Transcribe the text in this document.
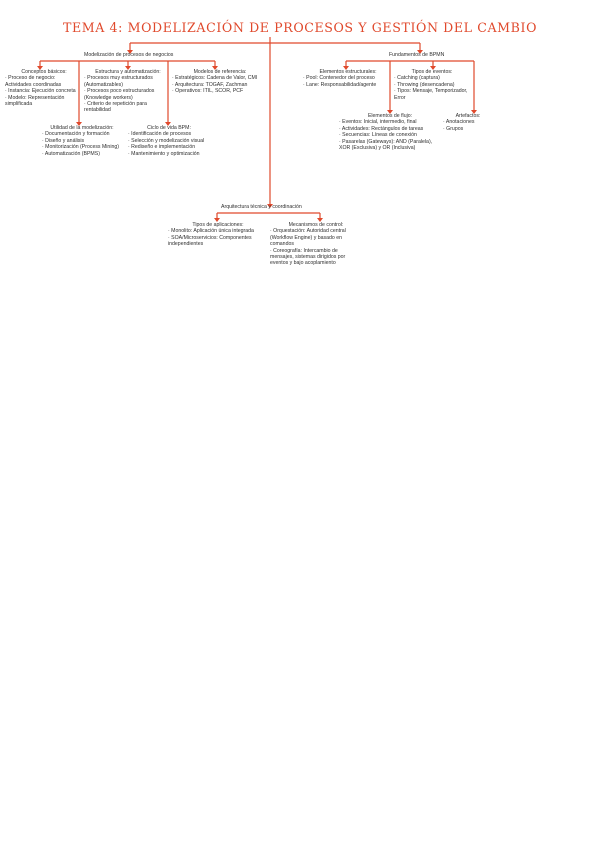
TEMA 4: MODELIZACIÓN DE PROCESOS Y GESTIÓN DEL CAMBIO
Modelización de procesos de negocios	Fundamentos de BPMN
Arquitectura técnica y coordinación
Conceptos básicos:
· Proceso de negocio: Actividades coordinadas
· Instancia: Ejecución concreta
· Modelo: Representación simplificada
Estructura y automatización:
· Procesos muy estructurados (Automatizables)
· Procesos poco estructurados (Knowledge workers)
· Criterio de repetición para rentabilidad
Modelos de referencia:
· Estratégicos: Cadena de Valor, CMI
· Arquitectura: TOGAF, Zachman
· Operativos: ITIL, SCOR, PCF
Utilidad de la modelización:
· Documentación y formación
· Diseño y análisis
· Monitorización (Process Mining)
· Automatización (BPMS)
Ciclo de vida BPM:
· Identificación de procesos
· Selección y modelización visual
· Rediseño e implementación
· Mantenimiento y optimización
Elementos estructurales:
· Pool: Contenedor del proceso
· Lane: Responsabilidad/agente
Tipos de eventos:
· Catching (captura)
· Throwing (desencadena)
· Tipos: Mensaje, Temporizador, Error
Elementos de flujo:
· Eventos: Inicial, intermedio, final
· Actividades: Rectángulos de tareas
· Secuencias: Líneas de conexión
· Pasarelas (Gateways): AND (Paralela), XOR (Exclusiva) y OR (Inclusiva)
Artefactos:
· Anotaciones
· Grupos
Tipos de aplicaciones:
· Monolito: Aplicación única integrada
· SOA/Microservicios: Componentes independientes
Mecanismos de control:
· Orquestación: Autoridad central (Workflow Engine) y basado en comandos
· Coreografía: Intercambio de mensajes, sistemas dirigidos por eventos y bajo acoplamiento
